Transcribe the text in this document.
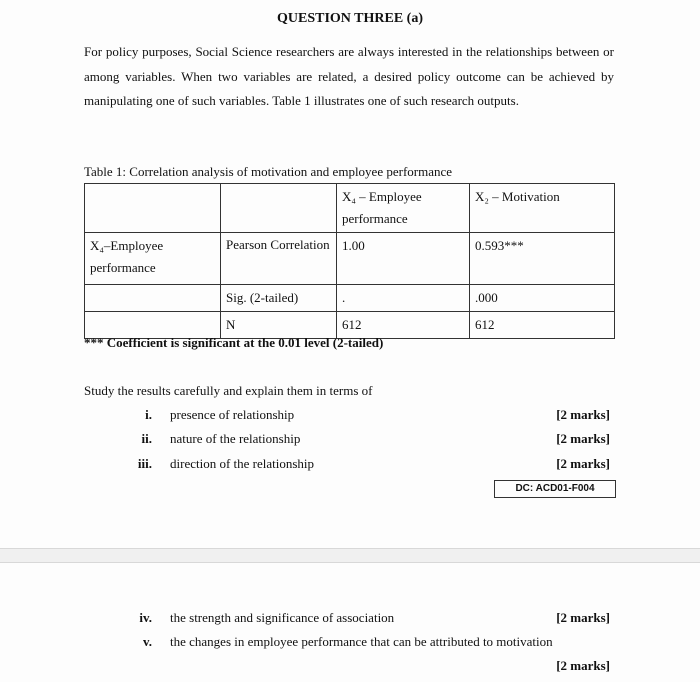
QUESTION THREE (a)
For policy purposes, Social Science researchers are always interested in the relationships between or among variables. When two variables are related, a desired policy outcome can be achieved by manipulating one of such variables. Table 1 illustrates one of such research outputs.
Table 1: Correlation analysis of motivation and employee performance
		X₄ – Employee performance	X₂ – Motivation
X₄–Employee performance	Pearson Correlation	1.00	0.593***
	Sig. (2-tailed)	.	.000
	N	612	612
*** Coefficient is significant at the 0.01 level (2-tailed)
Study the results carefully and explain them in terms of
i. presence of relationship	[2 marks]
ii. nature of the relationship	[2 marks]
iii. direction of the relationship	[2 marks]
DC: ACD01-F004
iv. the strength and significance of association	[2 marks]
v. the changes in employee performance that can be attributed to motivation
[2 marks]
